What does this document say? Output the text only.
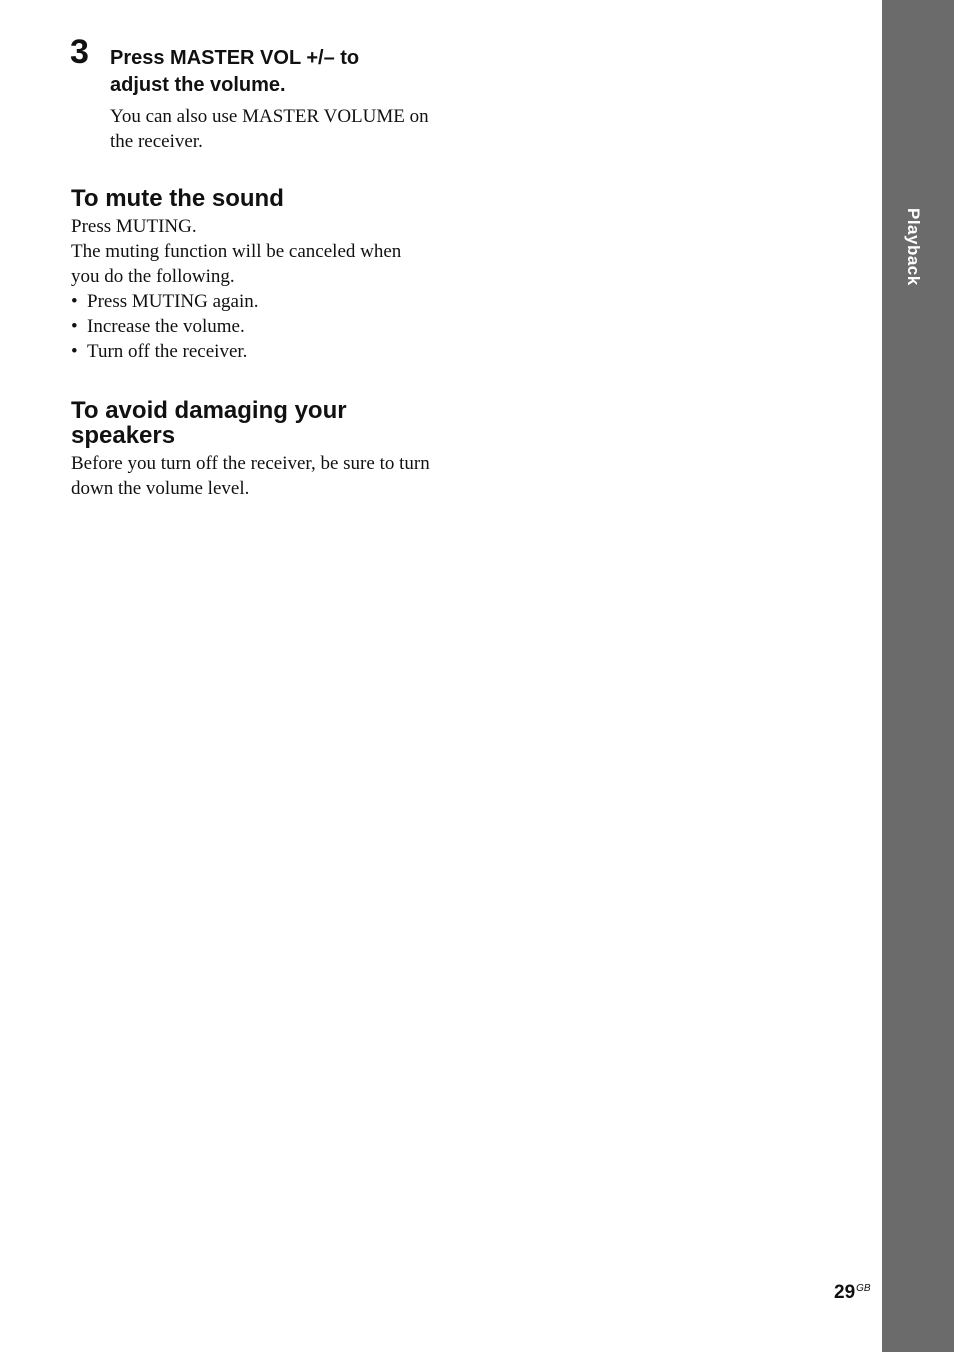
Playback
3 Press MASTER VOL +/– to
adjust the volume.

You can also use MASTER VOLUME on
the receiver.

To mute the sound

Press MUTING.
The muting function will be canceled when
you do the following.

• Press MUTING again.
• Increase the volume.
• Turn off the receiver.
To avoid damaging your
speakers

Before you turn off the receiver, be sure to turn
down the volume level.

$29^{GB}$
